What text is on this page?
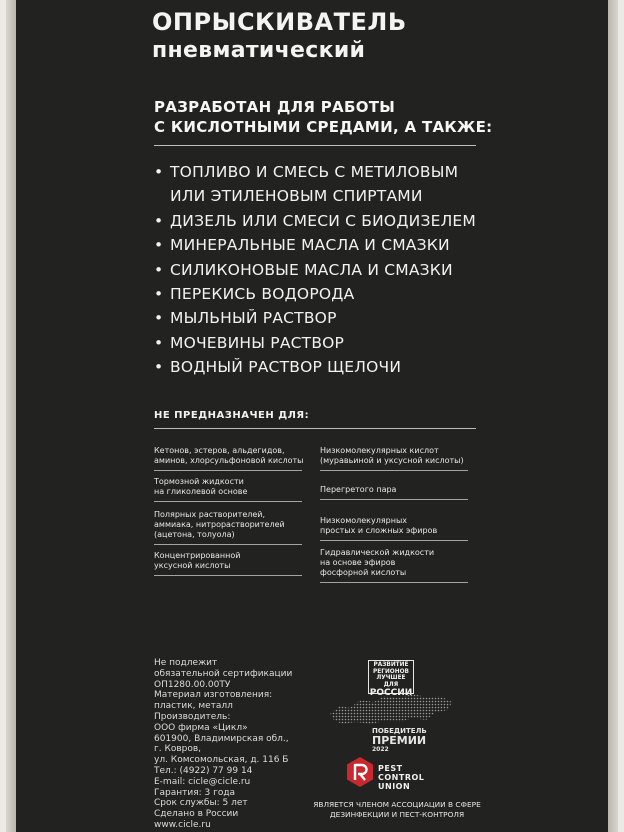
ОПРЫСКИВАТЕЛЬ
пневматический
РАЗРАБОТАН ДЛЯ РАБОТЫ
С КИСЛОТНЫМИ СРЕДАМИ, А ТАКЖЕ:
• ТОПЛИВО И СМЕСЬ С МЕТИЛОВЫМ
ИЛИ ЭТИЛЕНОВЫМ СПИРТАМИ
• ДИЗЕЛЬ ИЛИ СМЕСИ С БИОДИЗЕЛЕМ
• МИНЕРАЛЬНЫЕ МАСЛА И СМАЗКИ
• СИЛИКОНОВЫЕ МАСЛА И СМАЗКИ
• ПЕРЕКИСЬ ВОДОРОДА
• МЫЛЬНЫЙ РАСТВОР
• МОЧЕВИНЫ РАСТВОР
• ВОДНЫЙ РАСТВОР ЩЕЛОЧИ
НЕ ПРЕДНАЗНАЧЕН ДЛЯ:
Кетонов, эстеров, альдегидов,
аминов, хлорсульфоновой кислоты
Тормозной жидкости
на гликолевой основе
Полярных растворителей,
аммиака, нитрорастворителей
(ацетона, толуола)
Концентрированной
уксусной кислоты
Низкомолекулярных кислот
(муравьиной и уксусной кислоты)
Перегретого пара
Низкомолекулярных
простых и сложных эфиров
Гидравлической жидкости
на основе эфиров
фосфорной кислоты
Не подлежит
обязательной сертификации
ОП1280.00.00ТУ
Материал изготовления:
пластик, металл
Производитель:
ООО фирма «Цикл»
601900, Владимирская обл.,
г. Ковров,
ул. Комсомольская, д. 116 Б
Тел.: (4922) 77 99 14
E-mail: cicle@cicle.ru
Гарантия: 3 года
Срок службы: 5 лет
Сделано в России
www.cicle.ru
РАЗВИТИЕ
РЕГИОНОВ
ЛУЧШЕЕ ДЛЯ
РОССИИ
ПОБЕДИТЕЛЬ
ПРЕМИИ
2022
PEST
CONTROL
UNION
ЯВЛЯЕТСЯ ЧЛЕНОМ АССОЦИАЦИИ В СФЕРЕ
ДЕЗИНФЕКЦИИ И ПЕСТ-КОНТРОЛЯ
